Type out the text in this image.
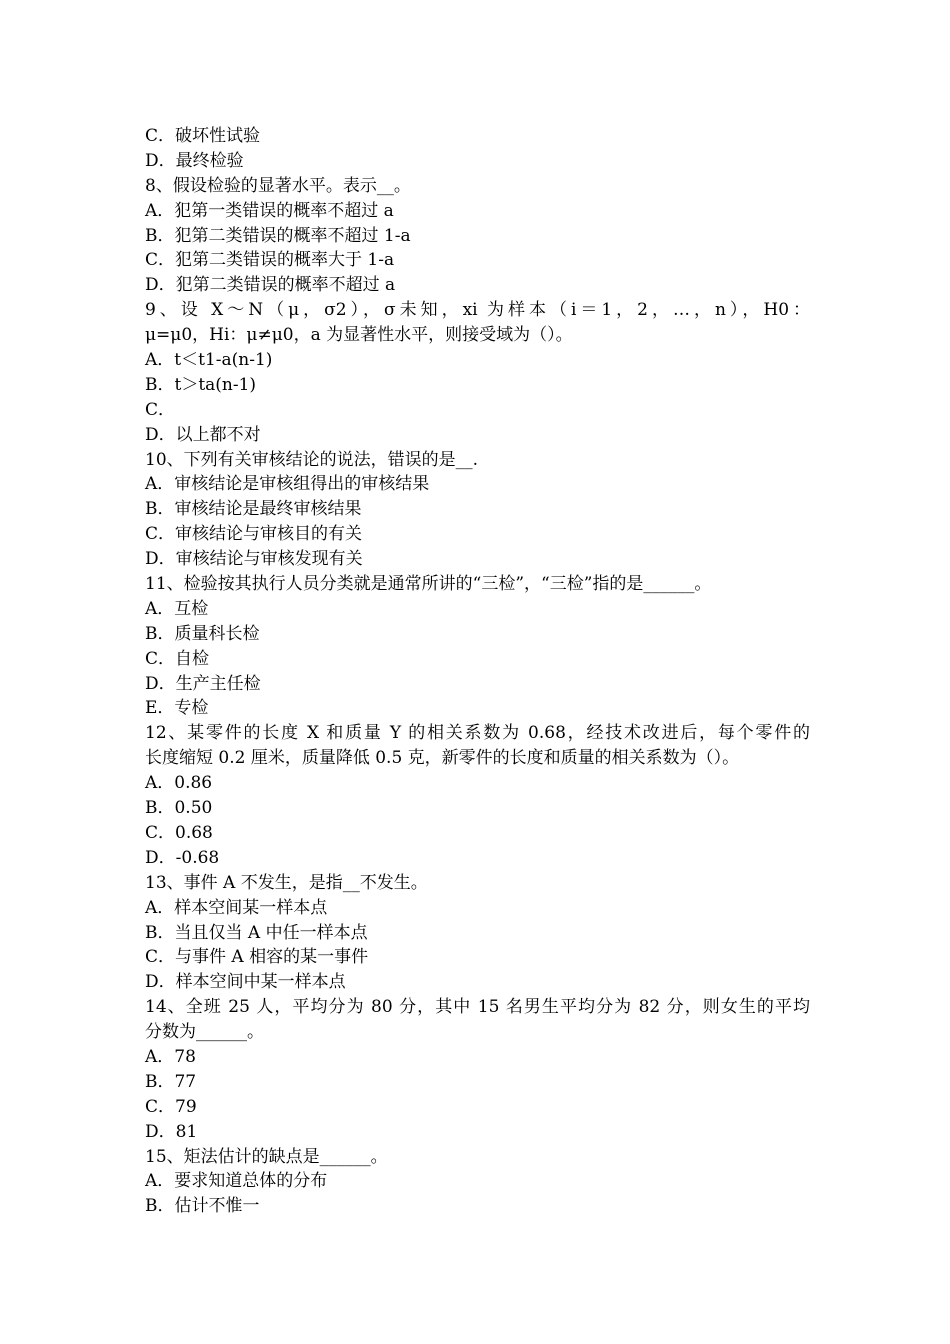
C．破坏性试验
D．最终检验
8、假设检验的显著水平。表示__。
A．犯第一类错误的概率不超过 a
B．犯第二类错误的概率不超过 1-a
C．犯第二类错误的概率大于 1-a
D．犯第二类错误的概率不超过 a
9、设 X～N（μ，σ2），σ未知，xi 为样本（i＝1，2，…，n），H0：
μ=μ0，Hi：μ≠μ0，a 为显著性水平，则接受域为（）。
A．t＜t1-a(n-1)
B．t＞ta(n-1)
C．
D．以上都不对
10、下列有关审核结论的说法，错误的是__.
A．审核结论是审核组得出的审核结果
B．审核结论是最终审核结果
C．审核结论与审核目的有关
D．审核结论与审核发现有关
11、检验按其执行人员分类就是通常所讲的“三检”，“三检”指的是______。
A．互检
B．质量科长检
C．自检
D．生产主任检
E．专检
12、某零件的长度 X 和质量 Y 的相关系数为 0.68，经技术改进后，每个零件的
长度缩短 0.2 厘米，质量降低 0.5 克，新零件的长度和质量的相关系数为（）。
A．0.86
B．0.50
C．0.68
D．-0.68
13、事件 A 不发生，是指__不发生。
A．样本空间某一样本点
B．当且仅当 A 中任一样本点
C．与事件 A 相容的某一事件
D．样本空间中某一样本点
14、全班 25 人，平均分为 80 分，其中 15 名男生平均分为 82 分，则女生的平均
分数为______。
A．78
B．77
C．79
D．81
15、矩法估计的缺点是______。
A．要求知道总体的分布
B．估计不惟一
